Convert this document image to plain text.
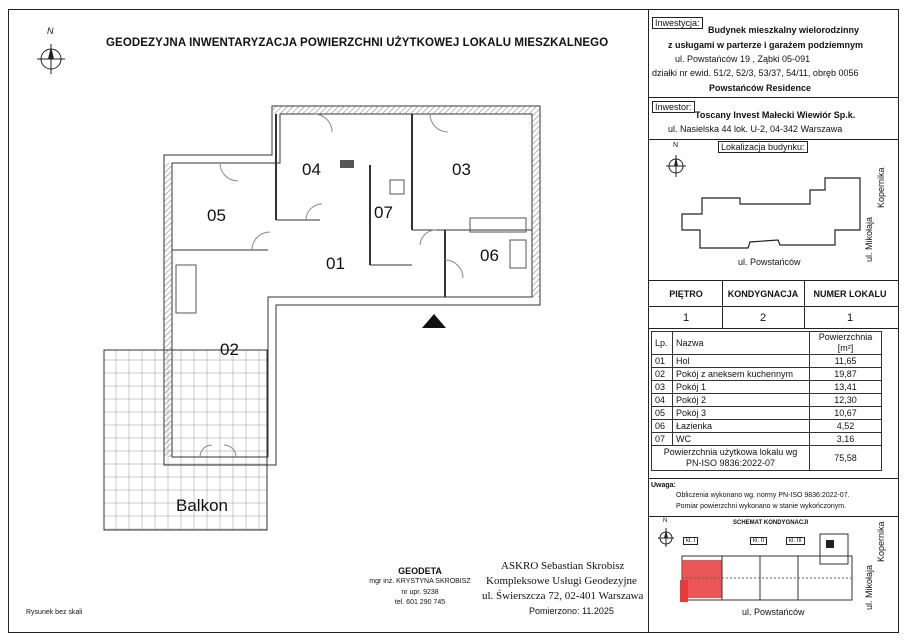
GEODEZYJNA INWENTARYZACJA POWIERZCHNI UŻYTKOWEJ LOKALU MIESZKALNEGO
N
01
02
03
04
05
06
07
Balkon
Inwestycja:
Budynek mieszkalny wielorodzinny
z usługami w parterze i garażem podziemnym
ul. Powstańców 19 , Ząbki 05-091
działki nr ewid. 51/2, 52/3, 53/37, 54/11, obręb 0056
Powstańców Residence
Inwestor:
Toscany Invest Małecki Wiewiór Sp.k.
ul. Nasielska 44 lok. U-2, 04-342 Warszawa
Lokalizacja budynku:
N
ul. Powstańców	ul. Mikołaja
Kopernika
PIĘTRO	KONDYGNACJA	NUMER LOKALU
1	2	1
Lp.	Nazwa	Powierzchnia [m²]
01	Hol	11,65
02	Pokój z aneksem kuchennym	19,87
03	Pokój 1	13,41
04	Pokój 2	12,30
05	Pokój 3	10,67
06	Łazienka	4,52
07	WC	3,16

Powierzchnia użytkowa lokalu wg
PN-ISO 9836:2022-07		75,58
Uwaga:
Obliczenia wykonano wg. normy PN-ISO 9836:2022-07.
Pomiar powierzchni wykonano w stanie wykończonym.
SCHEMAT KONDYGNACJI
N
kl. I	kl. II	kl. III
ul. Powstańców
ul. Mikołaja
Kopernika
GEODETA
mgr inż. KRYSTYNA SKROBISZ
nr upr. 9238
tel. 601 290 745
ASKRO Sebastian Skrobisz
Kompleksowe Usługi Geodezyjne
ul. Świerszcza 72, 02-401 Warszawa
Pomierzono: 11.2025
Rysunek bez skali
